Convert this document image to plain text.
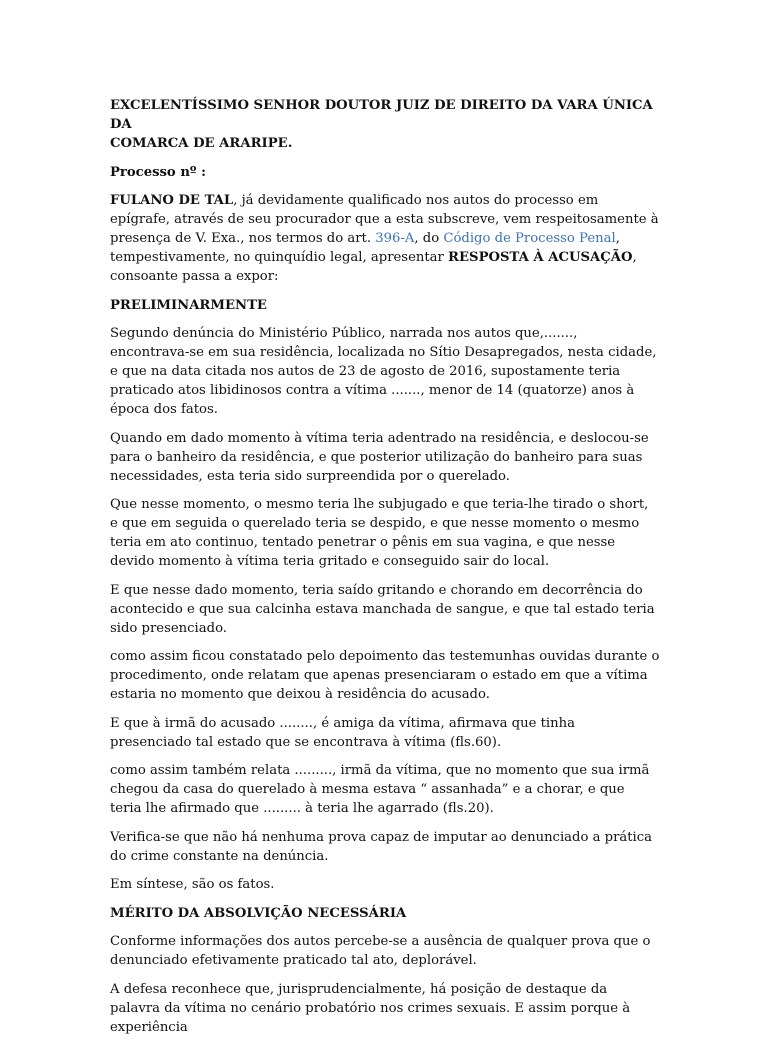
EXCELENTÍSSIMO SENHOR DOUTOR JUIZ DE DIREITO DA VARA ÚNICA DA
COMARCA DE ARARIPE.

Processo nº :

FULANO DE TAL, já devidamente qualificado nos autos do processo em epígrafe, através de seu procurador que a esta subscreve, vem respeitosamente à presença de V. Exa., nos termos do art. 396-A, do Código de Processo Penal, tempestivamente, no quinquídio legal, apresentar RESPOSTA À ACUSAÇÃO, consoante passa a expor:

PRELIMINARMENTE

Segundo denúncia do Ministério Público, narrada nos autos que,......., encontrava-se em sua residência, localizada no Sítio Desapregados, nesta cidade, e que na data citada nos autos de 23 de agosto de 2016, supostamente teria praticado atos libidinosos contra a vítima ......., menor de 14 (quatorze) anos à época dos fatos.

Quando em dado momento à vítima teria adentrado na residência, e deslocou-se para o banheiro da residência, e que posterior utilização do banheiro para suas necessidades, esta teria sido surpreendida por o querelado.

Que nesse momento, o mesmo teria lhe subjugado e que teria-lhe tirado o short, e que em seguida o querelado teria se despido, e que nesse momento o mesmo teria em ato continuo, tentado penetrar o pênis em sua vagina, e que nesse devido momento à vítima teria gritado e conseguido sair do local.

E que nesse dado momento, teria saído gritando e chorando em decorrência do acontecido e que sua calcinha estava manchada de sangue, e que tal estado teria sido presenciado.

como assim ficou constatado pelo depoimento das testemunhas ouvidas durante o procedimento, onde relatam que apenas presenciaram o estado em que a vítima estaria no momento que deixou à residência do acusado.

E que à irmã do acusado ........, é amiga da vítima, afirmava que tinha presenciado tal estado que se encontrava à vítima (fls.60).

como assim também relata ........., irmã da vítima, que no momento que sua irmã chegou da casa do querelado à mesma estava “ assanhada” e a chorar, e que teria lhe afirmado que ......... à teria lhe agarrado (fls.20).

Verifica-se que não há nenhuma prova capaz de imputar ao denunciado a prática do crime constante na denúncia.

Em síntese, são os fatos.

MÉRITO DA ABSOLVIÇÃO NECESSÁRIA

Conforme informações dos autos percebe-se a ausência de qualquer prova que o denunciado efetivamente praticado tal ato, deplorável.

A defesa reconhece que, jurisprudencialmente, há posição de destaque da palavra da vítima no cenário probatório nos crimes sexuais. E assim porque à experiência
